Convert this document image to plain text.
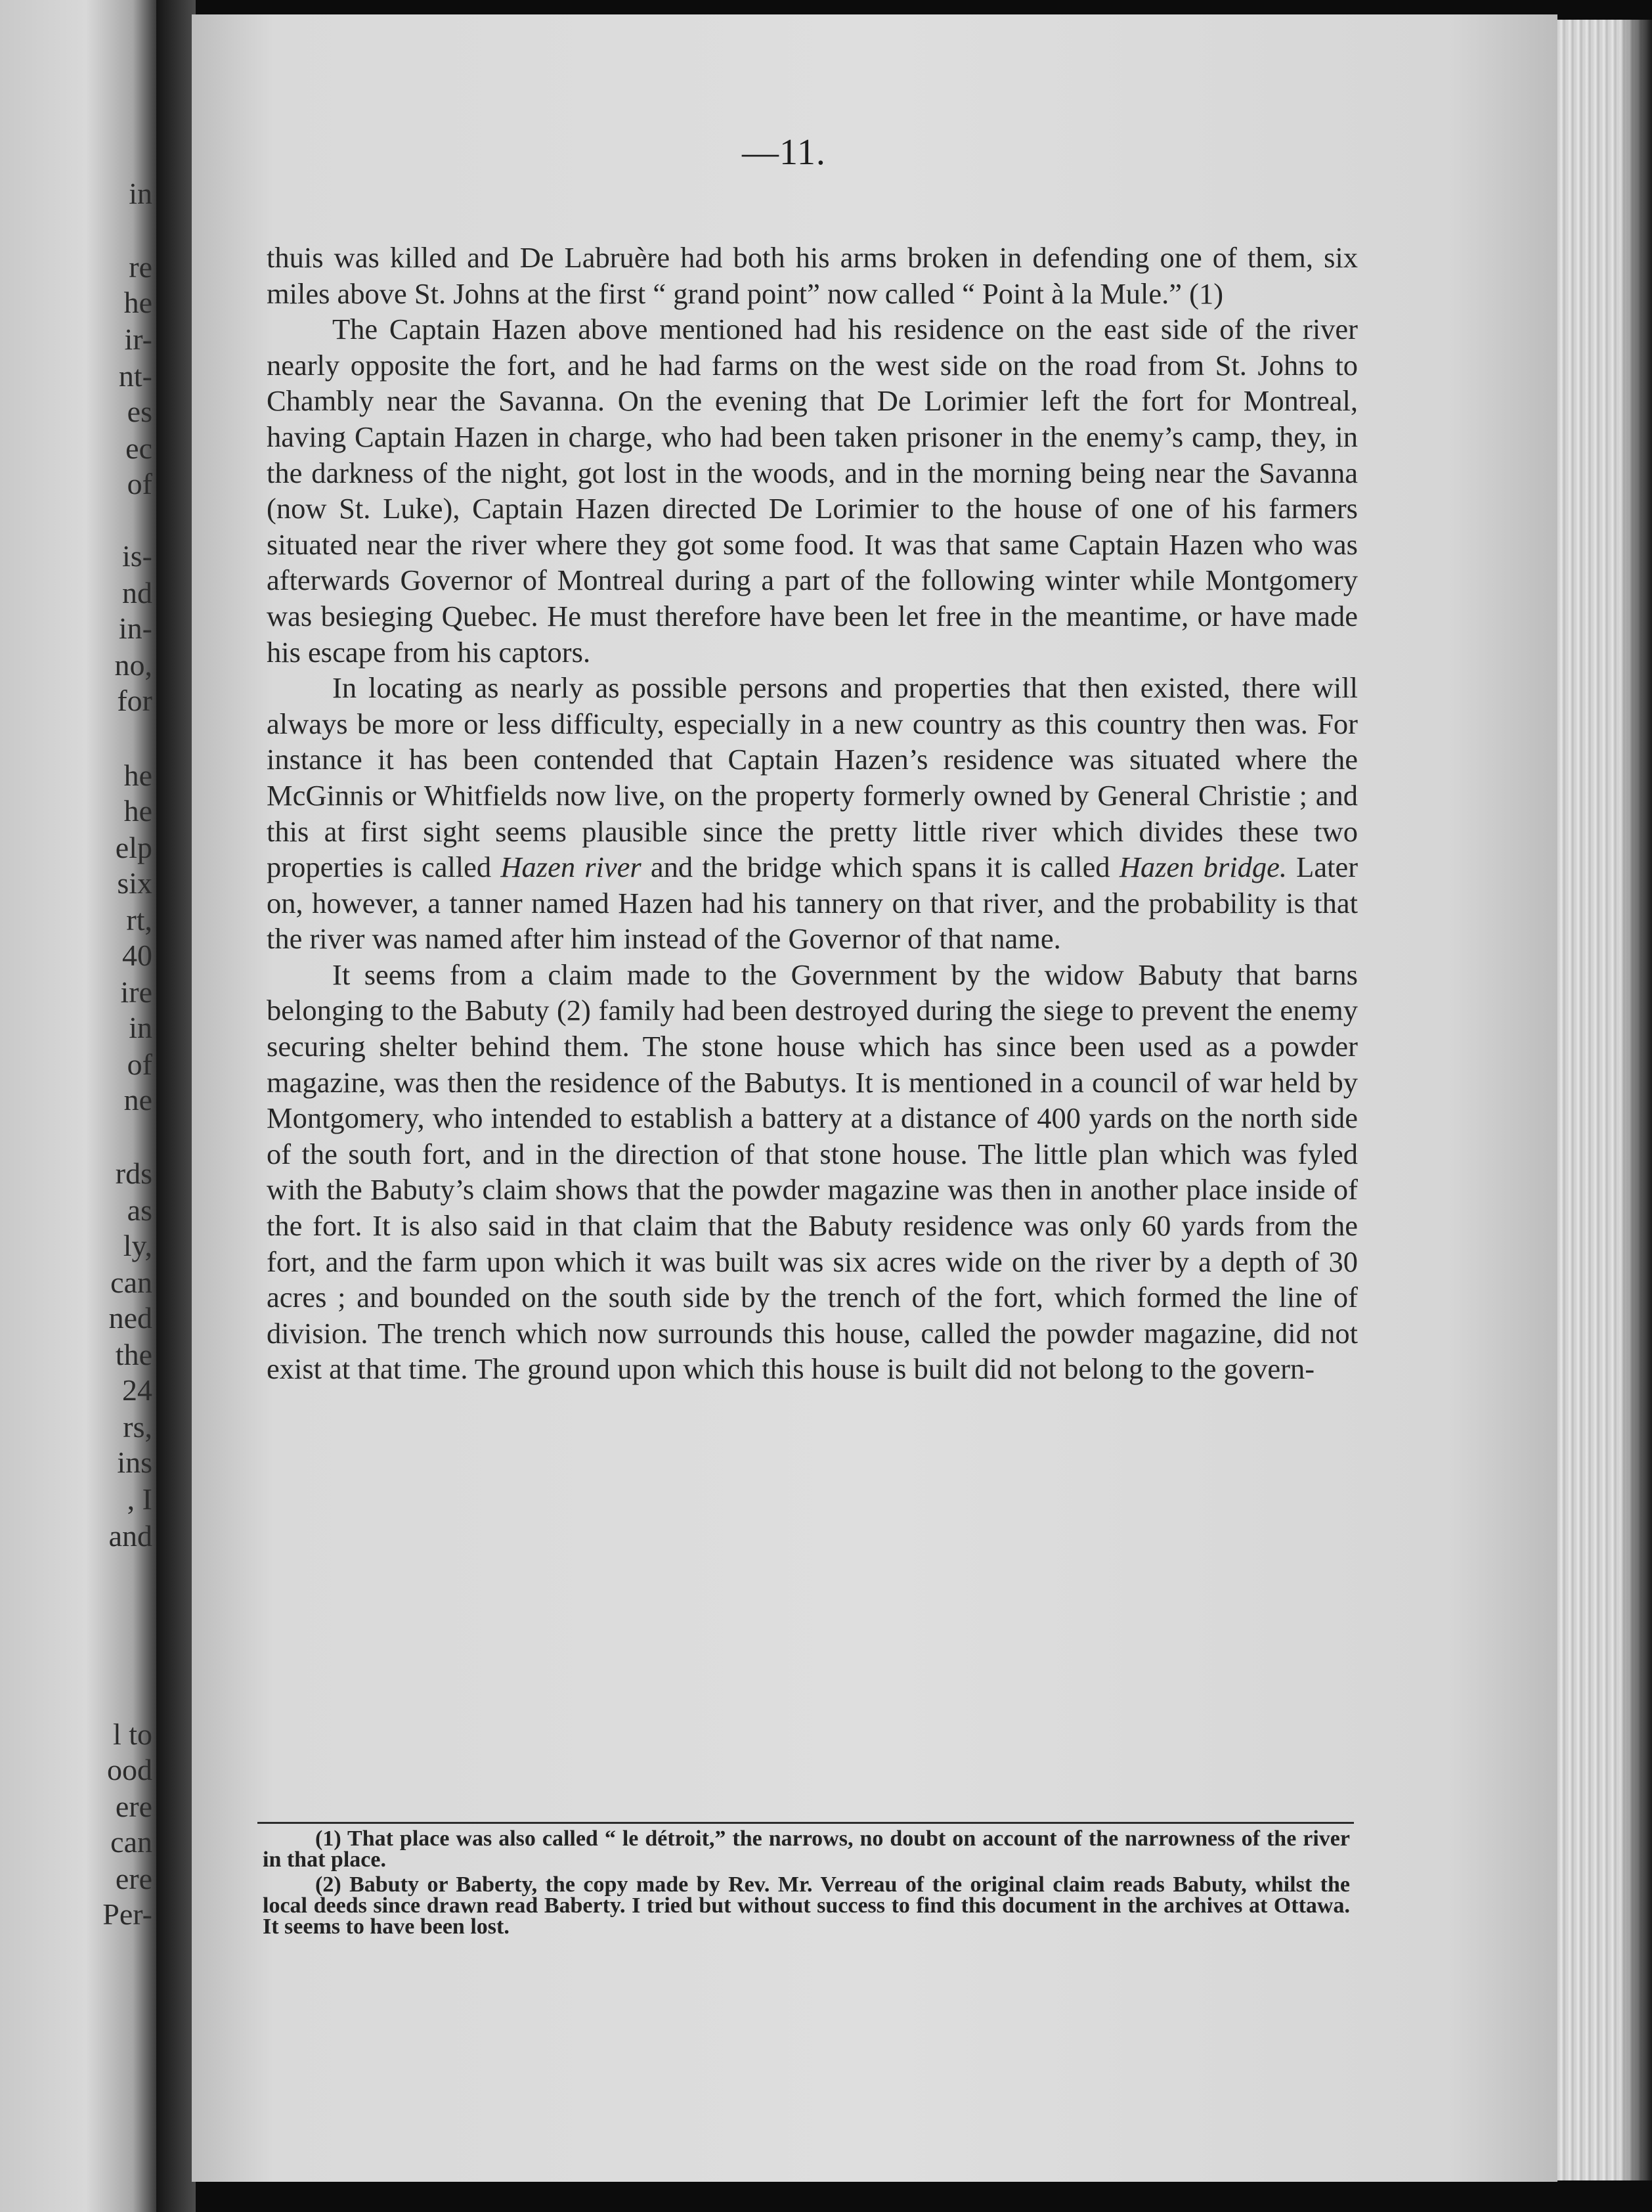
in

re

he

ir-

nt-

es

ec

of

is-

nd

in-

no,

for

he

he

elp

six

rt,

40

ire

in

of

ne

rds

as

ly,

can

ned

the

24

rs,

ins

, I

and

l to

ood

ere

can

ere

Per-

—11.

thuis was killed and De Labruère had both his arms broken in defending one of them, six miles above St. Johns at the first “ grand point” now called “ Point à la Mule.” (1)

The Captain Hazen above mentioned had his residence on the east side of the river nearly opposite the fort, and he had farms on the west side on the road from St. Johns to Chambly near the Savanna. On the evening that De Lorimier left the fort for Montreal, having Captain Hazen in charge, who had been taken prisoner in the enemy’s camp, they, in the darkness of the night, got lost in the woods, and in the morning being near the Savanna (now St. Luke), Captain Hazen directed De Lorimier to the house of one of his farmers situated near the river where they got some food. It was that same Captain Hazen who was afterwards Governor of Montreal during a part of the following winter while Montgomery was besieging Quebec. He must therefore have been let free in the meantime, or have made his escape from his captors.

In locating as nearly as possible persons and properties that then existed, there will always be more or less difficulty, especially in a new country as this country then was. For instance it has been contended that Captain Hazen’s residence was situated where the McGinnis or Whitfields now live, on the property formerly owned by General Christie ; and this at first sight seems plausible since the pretty little river which divides these two properties is called Hazen river and the bridge which spans it is called Hazen bridge. Later on, however, a tanner named Hazen had his tannery on that river, and the probability is that the river was named after him instead of the Governor of that name.

It seems from a claim made to the Government by the widow Babuty that barns belonging to the Babuty (2) family had been destroyed during the siege to prevent the enemy securing shelter behind them. The stone house which has since been used as a powder magazine, was then the residence of the Babutys. It is mentioned in a council of war held by Montgomery, who intended to establish a battery at a distance of 400 yards on the north side of the south fort, and in the direction of that stone house. The little plan which was fyled with the Babuty’s claim shows that the powder magazine was then in another place inside of the fort. It is also said in that claim that the Babuty residence was only 60 yards from the fort, and the farm upon which it was built was six acres wide on the river by a depth of 30 acres ; and bounded on the south side by the trench of the fort, which formed the line of division. The trench which now surrounds this house, called the powder magazine, did not exist at that time. The ground upon which this house is built did not belong to the govern-

(1) That place was also called “ le détroit,” the narrows, no doubt on account of the narrowness of the river in that place.

(2) Babuty or Baberty, the copy made by Rev. Mr. Verreau of the original claim reads Babuty, whilst the local deeds since drawn read Baberty. I tried but without success to find this document in the archives at Ottawa. It seems to have been lost.
